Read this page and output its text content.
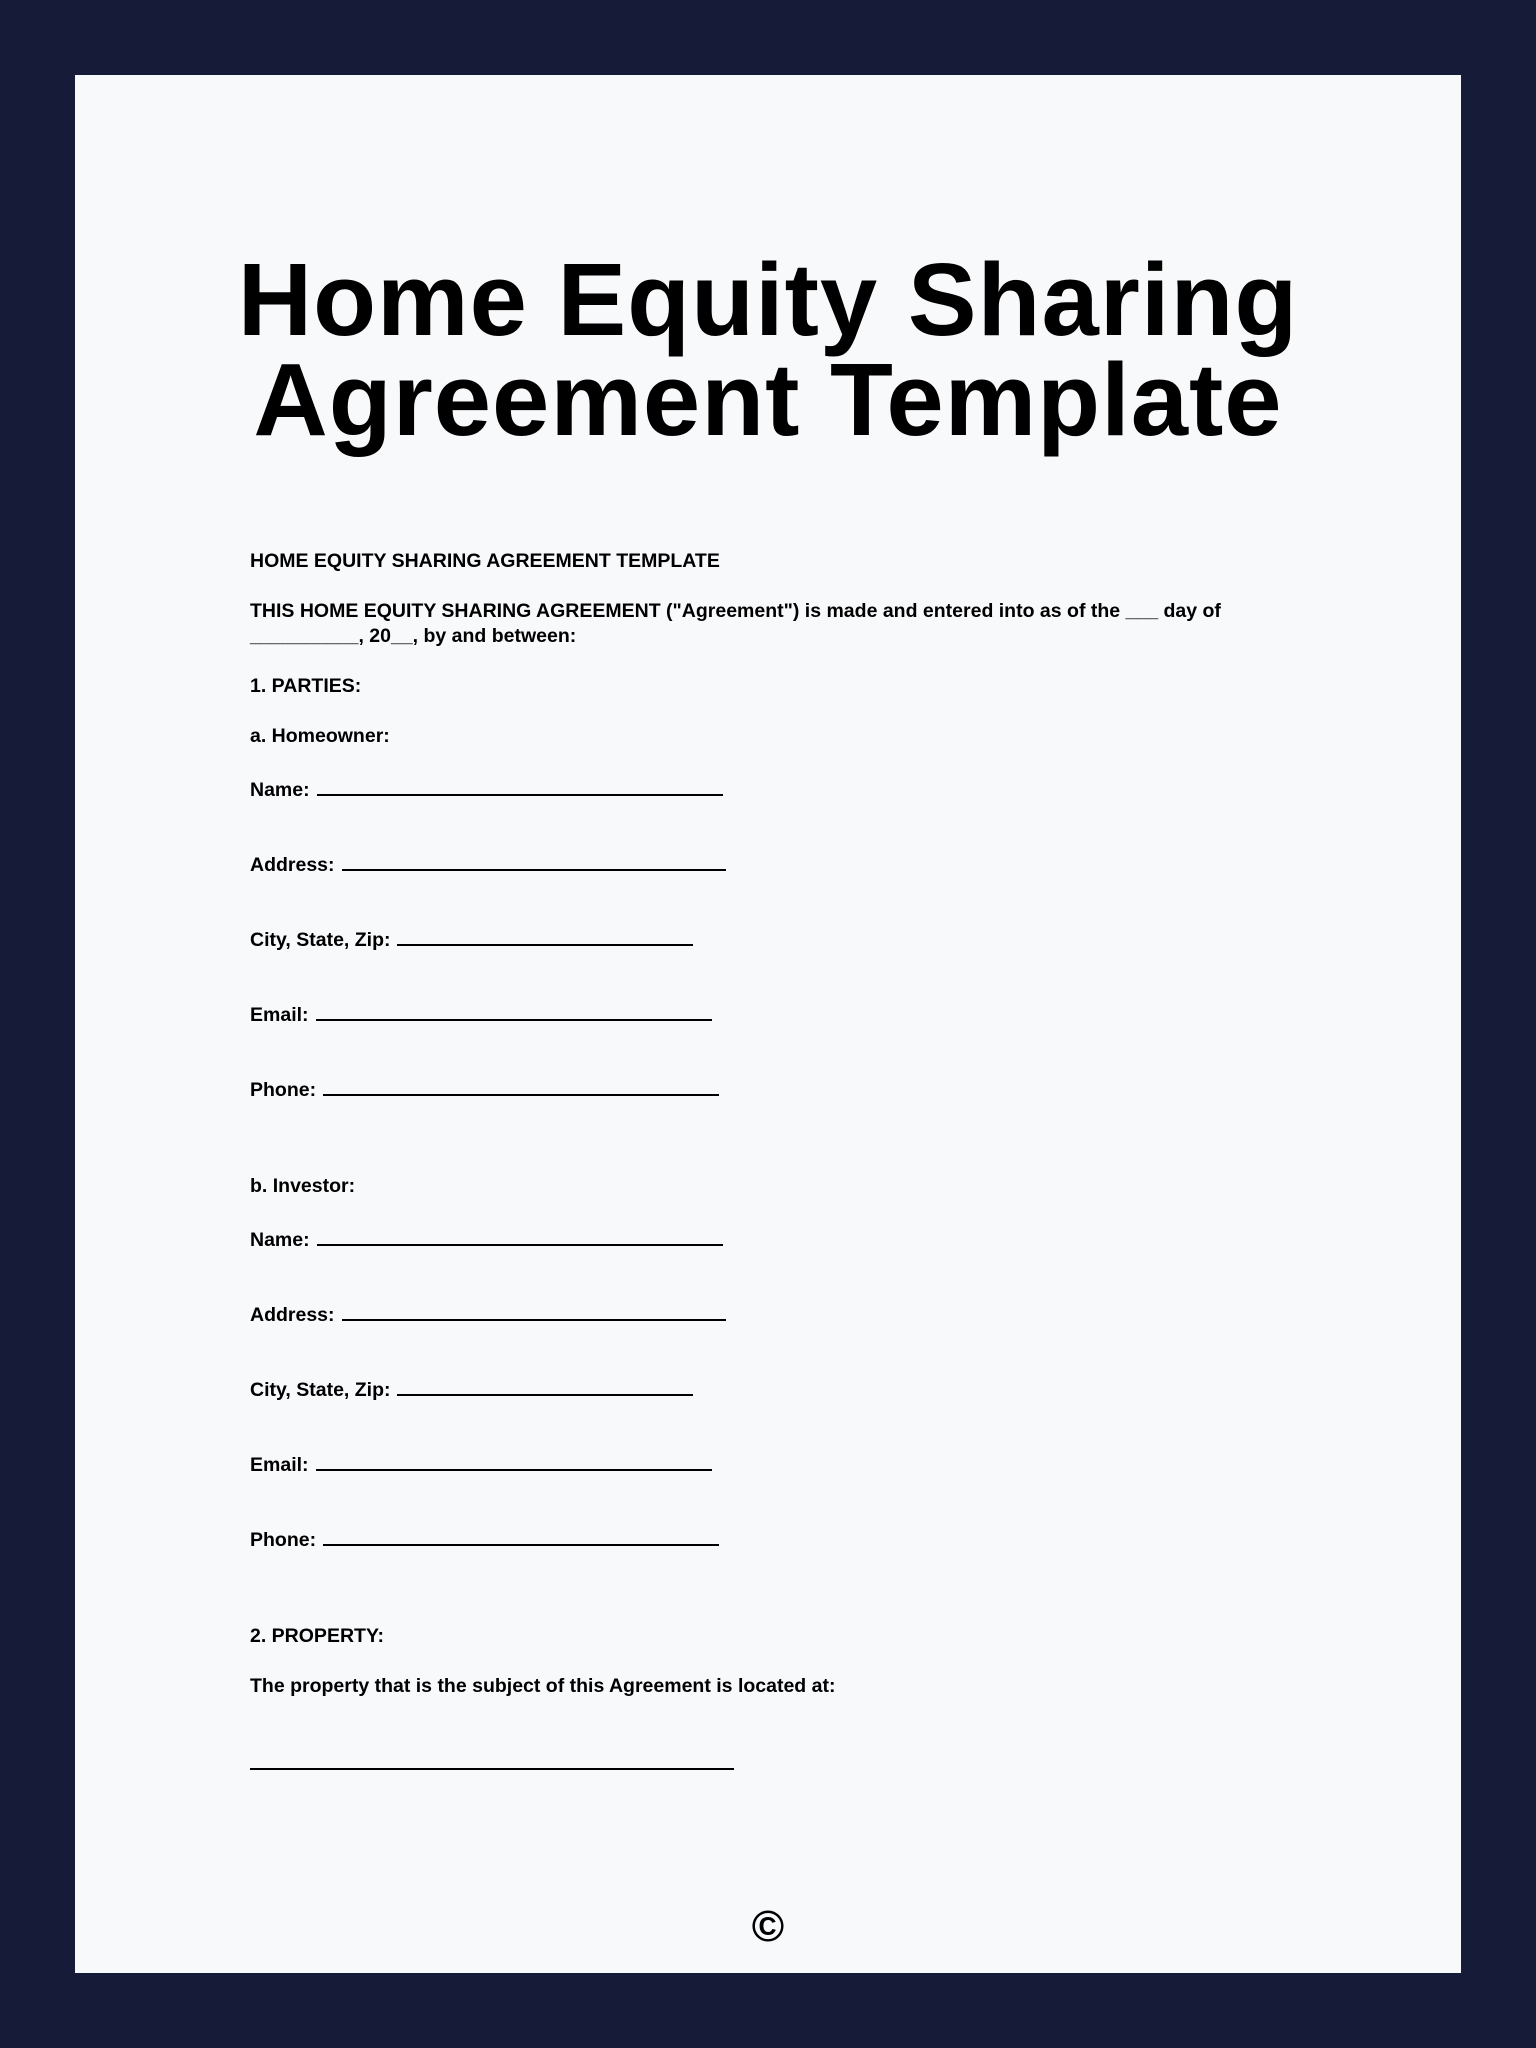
Home Equity Sharing
Agreement Template
HOME EQUITY SHARING AGREEMENT TEMPLATE
THIS HOME EQUITY SHARING AGREEMENT ("Agreement") is made and entered into as of the ___ day of
__________, 20__, by and between:
1. PARTIES:
a. Homeowner:
Name:
Address:
City, State, Zip:
Email:
Phone:
b. Investor:
Name:
Address:
City, State, Zip:
Email:
Phone:
2. PROPERTY:
The property that is the subject of this Agreement is located at:
©
